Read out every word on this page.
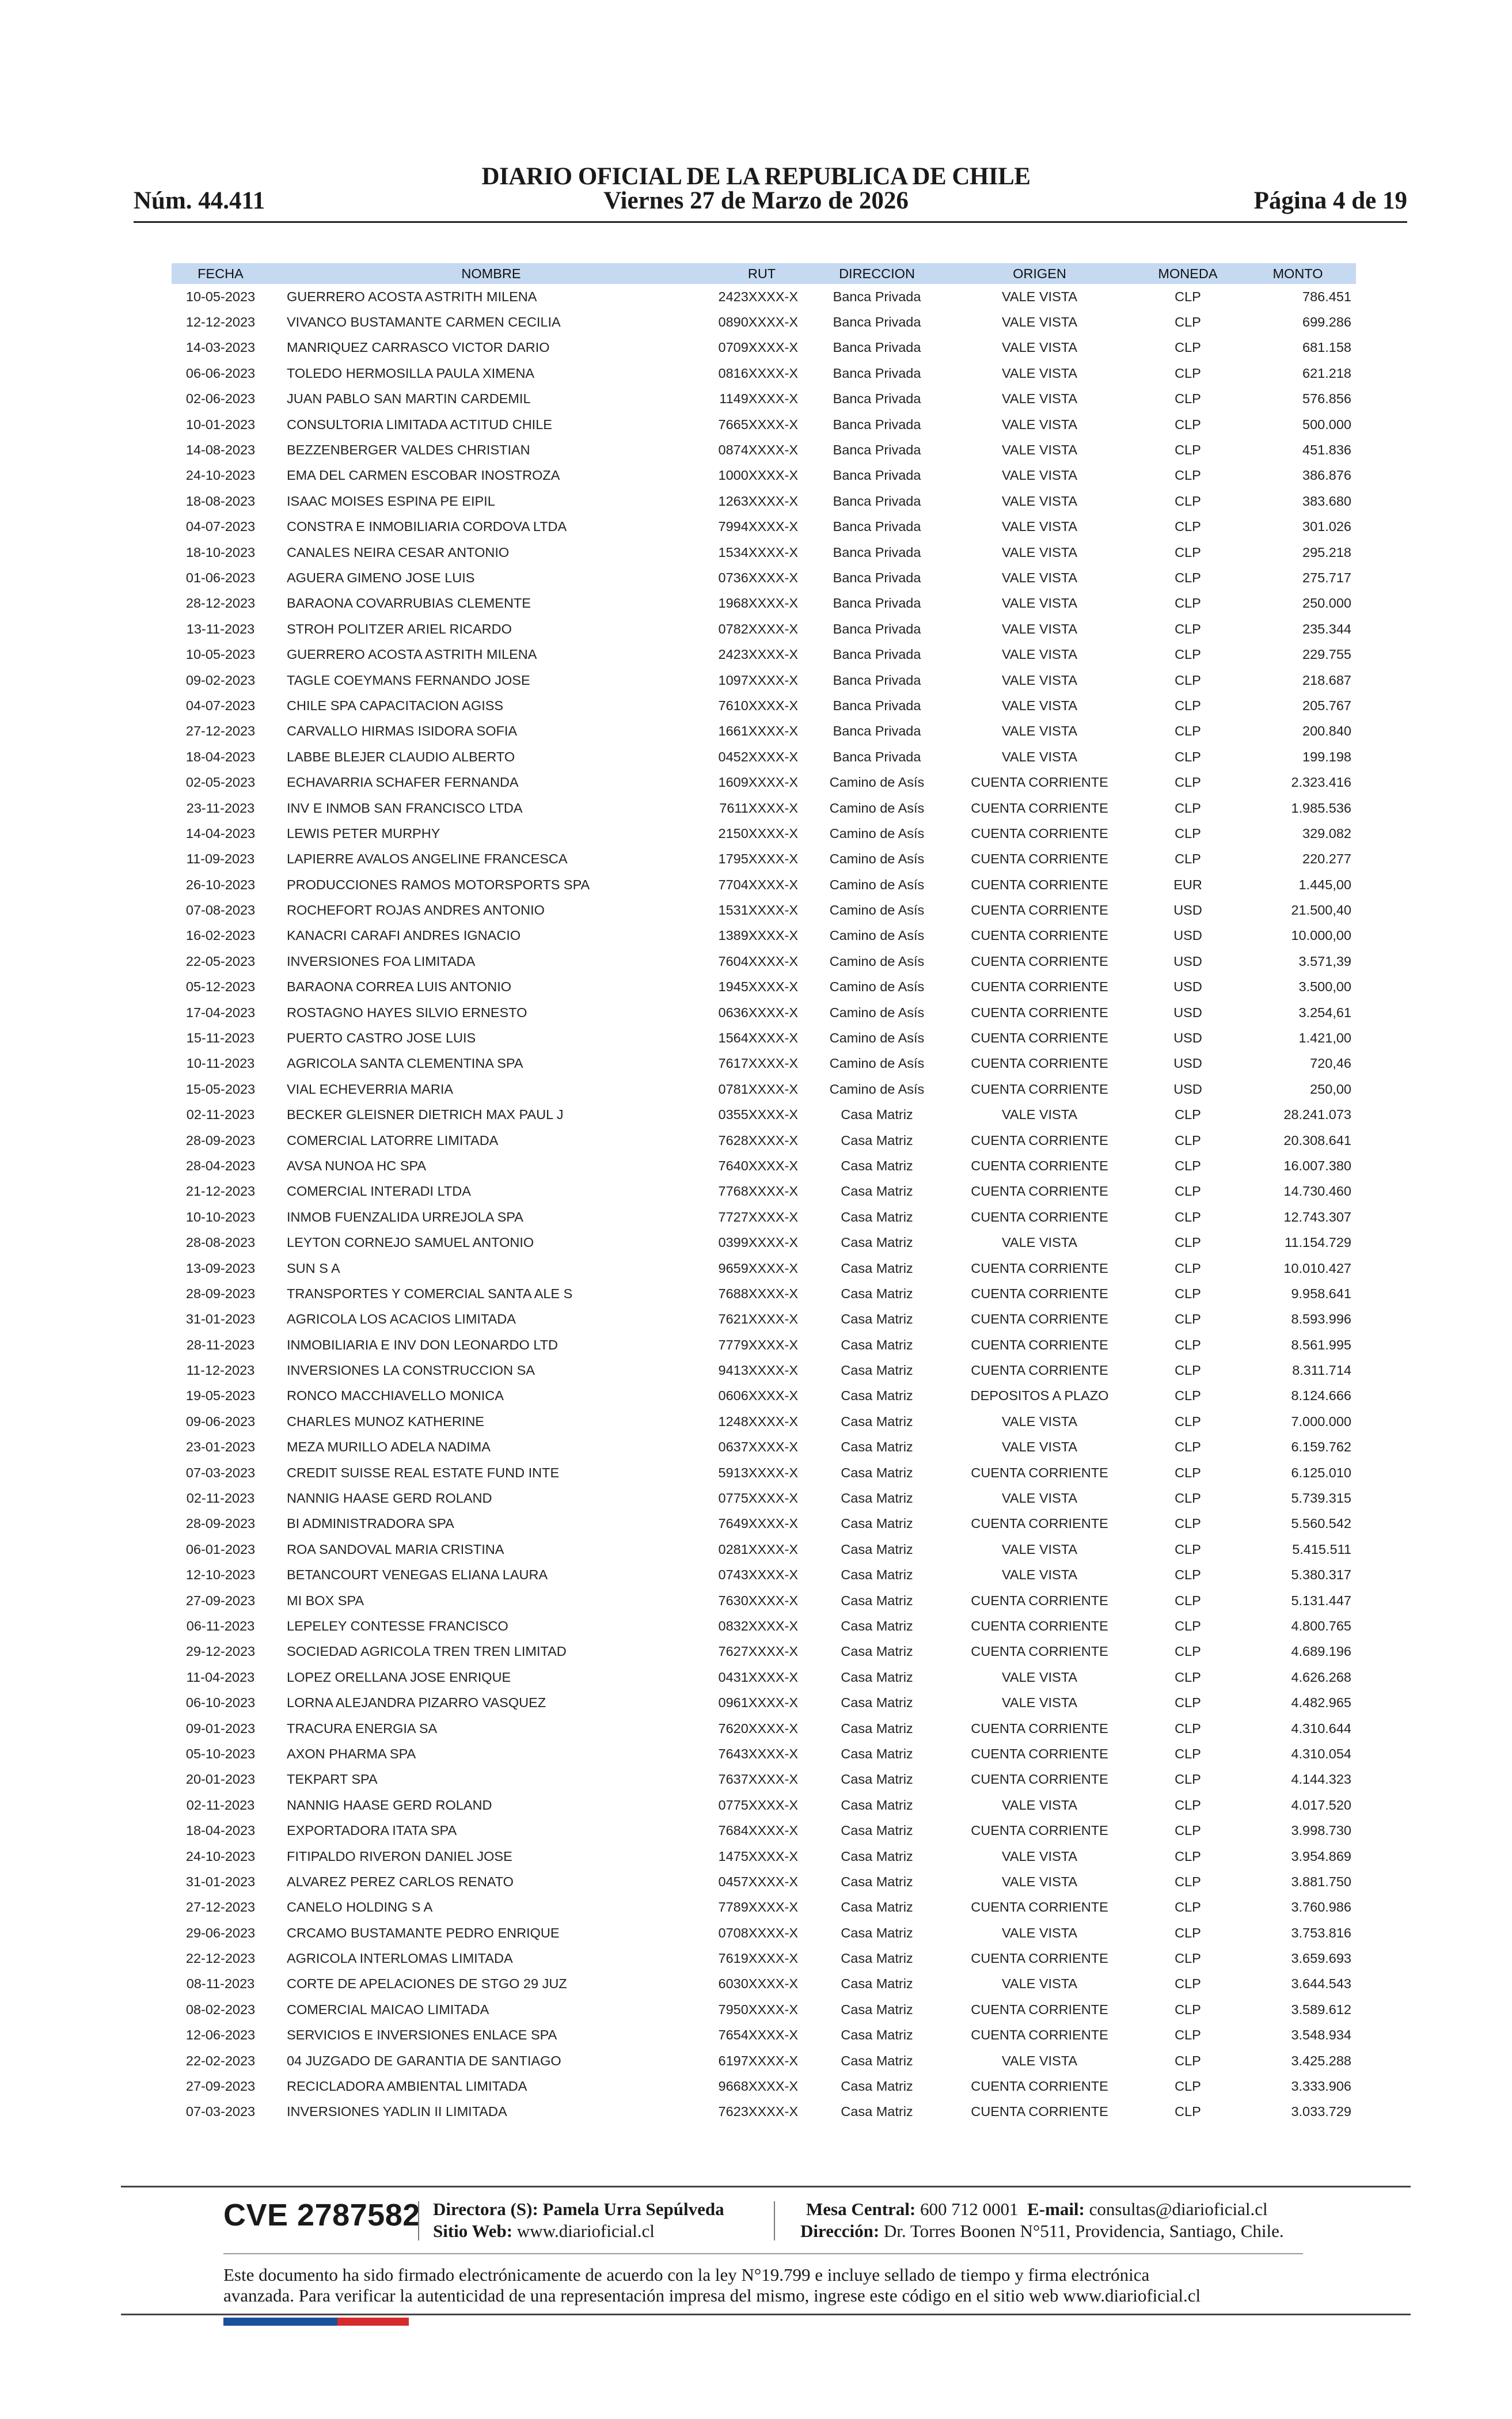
DIARIO OFICIAL DE LA REPUBLICA DE CHILE
Núm. 44.411	Viernes 27 de Marzo de 2026	Página 4 de 19
FECHA	NOMBRE	RUT	DIRECCION	ORIGEN	MONEDA	MONTO
10-05-2023	GUERRERO ACOSTA ASTRITH MILENA	2423XXXX-X	Banca Privada	VALE VISTA	CLP	786.451
12-12-2023	VIVANCO BUSTAMANTE CARMEN CECILIA	0890XXXX-X	Banca Privada	VALE VISTA	CLP	699.286
14-03-2023	MANRIQUEZ CARRASCO VICTOR DARIO	0709XXXX-X	Banca Privada	VALE VISTA	CLP	681.158
06-06-2023	TOLEDO HERMOSILLA PAULA XIMENA	0816XXXX-X	Banca Privada	VALE VISTA	CLP	621.218
02-06-2023	JUAN PABLO SAN MARTIN CARDEMIL	1149XXXX-X	Banca Privada	VALE VISTA	CLP	576.856
10-01-2023	CONSULTORIA LIMITADA ACTITUD CHILE	7665XXXX-X	Banca Privada	VALE VISTA	CLP	500.000
14-08-2023	BEZZENBERGER VALDES CHRISTIAN	0874XXXX-X	Banca Privada	VALE VISTA	CLP	451.836
24-10-2023	EMA DEL CARMEN ESCOBAR INOSTROZA	1000XXXX-X	Banca Privada	VALE VISTA	CLP	386.876
18-08-2023	ISAAC MOISES ESPINA PE EIPIL	1263XXXX-X	Banca Privada	VALE VISTA	CLP	383.680
04-07-2023	CONSTRA E INMOBILIARIA CORDOVA LTDA	7994XXXX-X	Banca Privada	VALE VISTA	CLP	301.026
18-10-2023	CANALES NEIRA CESAR ANTONIO	1534XXXX-X	Banca Privada	VALE VISTA	CLP	295.218
01-06-2023	AGUERA GIMENO JOSE LUIS	0736XXXX-X	Banca Privada	VALE VISTA	CLP	275.717
28-12-2023	BARAONA COVARRUBIAS CLEMENTE	1968XXXX-X	Banca Privada	VALE VISTA	CLP	250.000
13-11-2023	STROH POLITZER ARIEL RICARDO	0782XXXX-X	Banca Privada	VALE VISTA	CLP	235.344
10-05-2023	GUERRERO ACOSTA ASTRITH MILENA	2423XXXX-X	Banca Privada	VALE VISTA	CLP	229.755
09-02-2023	TAGLE COEYMANS FERNANDO JOSE	1097XXXX-X	Banca Privada	VALE VISTA	CLP	218.687
04-07-2023	CHILE SPA CAPACITACION AGISS	7610XXXX-X	Banca Privada	VALE VISTA	CLP	205.767
27-12-2023	CARVALLO HIRMAS ISIDORA SOFIA	1661XXXX-X	Banca Privada	VALE VISTA	CLP	200.840
18-04-2023	LABBE BLEJER CLAUDIO ALBERTO	0452XXXX-X	Banca Privada	VALE VISTA	CLP	199.198
02-05-2023	ECHAVARRIA SCHAFER FERNANDA	1609XXXX-X	Camino de Asís	CUENTA CORRIENTE	CLP	2.323.416
23-11-2023	INV E INMOB SAN FRANCISCO LTDA	7611XXXX-X	Camino de Asís	CUENTA CORRIENTE	CLP	1.985.536
14-04-2023	LEWIS PETER MURPHY	2150XXXX-X	Camino de Asís	CUENTA CORRIENTE	CLP	329.082
11-09-2023	LAPIERRE AVALOS ANGELINE FRANCESCA	1795XXXX-X	Camino de Asís	CUENTA CORRIENTE	CLP	220.277
26-10-2023	PRODUCCIONES RAMOS MOTORSPORTS SPA	7704XXXX-X	Camino de Asís	CUENTA CORRIENTE	EUR	1.445,00
07-08-2023	ROCHEFORT ROJAS ANDRES ANTONIO	1531XXXX-X	Camino de Asís	CUENTA CORRIENTE	USD	21.500,40
16-02-2023	KANACRI CARAFI ANDRES IGNACIO	1389XXXX-X	Camino de Asís	CUENTA CORRIENTE	USD	10.000,00
22-05-2023	INVERSIONES FOA LIMITADA	7604XXXX-X	Camino de Asís	CUENTA CORRIENTE	USD	3.571,39
05-12-2023	BARAONA CORREA LUIS ANTONIO	1945XXXX-X	Camino de Asís	CUENTA CORRIENTE	USD	3.500,00
17-04-2023	ROSTAGNO HAYES SILVIO ERNESTO	0636XXXX-X	Camino de Asís	CUENTA CORRIENTE	USD	3.254,61
15-11-2023	PUERTO CASTRO JOSE LUIS	1564XXXX-X	Camino de Asís	CUENTA CORRIENTE	USD	1.421,00
10-11-2023	AGRICOLA SANTA CLEMENTINA SPA	7617XXXX-X	Camino de Asís	CUENTA CORRIENTE	USD	720,46
15-05-2023	VIAL ECHEVERRIA MARIA	0781XXXX-X	Camino de Asís	CUENTA CORRIENTE	USD	250,00
02-11-2023	BECKER GLEISNER DIETRICH MAX PAUL J	0355XXXX-X	Casa Matriz	VALE VISTA	CLP	28.241.073
28-09-2023	COMERCIAL LATORRE LIMITADA	7628XXXX-X	Casa Matriz	CUENTA CORRIENTE	CLP	20.308.641
28-04-2023	AVSA NUNOA HC SPA	7640XXXX-X	Casa Matriz	CUENTA CORRIENTE	CLP	16.007.380
21-12-2023	COMERCIAL INTERADI LTDA	7768XXXX-X	Casa Matriz	CUENTA CORRIENTE	CLP	14.730.460
10-10-2023	INMOB FUENZALIDA URREJOLA SPA	7727XXXX-X	Casa Matriz	CUENTA CORRIENTE	CLP	12.743.307
28-08-2023	LEYTON CORNEJO SAMUEL ANTONIO	0399XXXX-X	Casa Matriz	VALE VISTA	CLP	11.154.729
13-09-2023	SUN S A	9659XXXX-X	Casa Matriz	CUENTA CORRIENTE	CLP	10.010.427
28-09-2023	TRANSPORTES Y COMERCIAL SANTA ALE S	7688XXXX-X	Casa Matriz	CUENTA CORRIENTE	CLP	9.958.641
31-01-2023	AGRICOLA LOS ACACIOS LIMITADA	7621XXXX-X	Casa Matriz	CUENTA CORRIENTE	CLP	8.593.996
28-11-2023	INMOBILIARIA E INV DON LEONARDO LTD	7779XXXX-X	Casa Matriz	CUENTA CORRIENTE	CLP	8.561.995
11-12-2023	INVERSIONES LA CONSTRUCCION SA	9413XXXX-X	Casa Matriz	CUENTA CORRIENTE	CLP	8.311.714
19-05-2023	RONCO MACCHIAVELLO MONICA	0606XXXX-X	Casa Matriz	DEPOSITOS A PLAZO	CLP	8.124.666
09-06-2023	CHARLES MUNOZ KATHERINE	1248XXXX-X	Casa Matriz	VALE VISTA	CLP	7.000.000
23-01-2023	MEZA MURILLO ADELA NADIMA	0637XXXX-X	Casa Matriz	VALE VISTA	CLP	6.159.762
07-03-2023	CREDIT SUISSE REAL ESTATE FUND INTE	5913XXXX-X	Casa Matriz	CUENTA CORRIENTE	CLP	6.125.010
02-11-2023	NANNIG HAASE GERD ROLAND	0775XXXX-X	Casa Matriz	VALE VISTA	CLP	5.739.315
28-09-2023	BI ADMINISTRADORA SPA	7649XXXX-X	Casa Matriz	CUENTA CORRIENTE	CLP	5.560.542
06-01-2023	ROA SANDOVAL MARIA CRISTINA	0281XXXX-X	Casa Matriz	VALE VISTA	CLP	5.415.511
12-10-2023	BETANCOURT VENEGAS ELIANA LAURA	0743XXXX-X	Casa Matriz	VALE VISTA	CLP	5.380.317
27-09-2023	MI BOX SPA	7630XXXX-X	Casa Matriz	CUENTA CORRIENTE	CLP	5.131.447
06-11-2023	LEPELEY CONTESSE FRANCISCO	0832XXXX-X	Casa Matriz	CUENTA CORRIENTE	CLP	4.800.765
29-12-2023	SOCIEDAD AGRICOLA TREN TREN LIMITAD	7627XXXX-X	Casa Matriz	CUENTA CORRIENTE	CLP	4.689.196
11-04-2023	LOPEZ ORELLANA JOSE ENRIQUE	0431XXXX-X	Casa Matriz	VALE VISTA	CLP	4.626.268
06-10-2023	LORNA ALEJANDRA PIZARRO VASQUEZ	0961XXXX-X	Casa Matriz	VALE VISTA	CLP	4.482.965
09-01-2023	TRACURA ENERGIA SA	7620XXXX-X	Casa Matriz	CUENTA CORRIENTE	CLP	4.310.644
05-10-2023	AXON PHARMA SPA	7643XXXX-X	Casa Matriz	CUENTA CORRIENTE	CLP	4.310.054
20-01-2023	TEKPART SPA	7637XXXX-X	Casa Matriz	CUENTA CORRIENTE	CLP	4.144.323
02-11-2023	NANNIG HAASE GERD ROLAND	0775XXXX-X	Casa Matriz	VALE VISTA	CLP	4.017.520
18-04-2023	EXPORTADORA ITATA SPA	7684XXXX-X	Casa Matriz	CUENTA CORRIENTE	CLP	3.998.730
24-10-2023	FITIPALDO RIVERON DANIEL JOSE	1475XXXX-X	Casa Matriz	VALE VISTA	CLP	3.954.869
31-01-2023	ALVAREZ PEREZ CARLOS RENATO	0457XXXX-X	Casa Matriz	VALE VISTA	CLP	3.881.750
27-12-2023	CANELO HOLDING S A	7789XXXX-X	Casa Matriz	CUENTA CORRIENTE	CLP	3.760.986
29-06-2023	CRCAMO BUSTAMANTE PEDRO ENRIQUE	0708XXXX-X	Casa Matriz	VALE VISTA	CLP	3.753.816
22-12-2023	AGRICOLA INTERLOMAS LIMITADA	7619XXXX-X	Casa Matriz	CUENTA CORRIENTE	CLP	3.659.693
08-11-2023	CORTE DE APELACIONES DE STGO 29 JUZ	6030XXXX-X	Casa Matriz	VALE VISTA	CLP	3.644.543
08-02-2023	COMERCIAL MAICAO LIMITADA	7950XXXX-X	Casa Matriz	CUENTA CORRIENTE	CLP	3.589.612
12-06-2023	SERVICIOS E INVERSIONES ENLACE SPA	7654XXXX-X	Casa Matriz	CUENTA CORRIENTE	CLP	3.548.934
22-02-2023	04 JUZGADO DE GARANTIA DE SANTIAGO	6197XXXX-X	Casa Matriz	VALE VISTA	CLP	3.425.288
27-09-2023	RECICLADORA AMBIENTAL LIMITADA	9668XXXX-X	Casa Matriz	CUENTA CORRIENTE	CLP	3.333.906
07-03-2023	INVERSIONES YADLIN II LIMITADA	7623XXXX-X	Casa Matriz	CUENTA CORRIENTE	CLP	3.033.729
CVE 2787582 Directora (S): Pamela Urra Sepúlveda
Sitio Web: www.diarioficial.cl
Mesa Central: 600 712 0001 E-mail: consultas@diarioficial.cl
Dirección: Dr. Torres Boonen N°511, Providencia, Santiago, Chile.
Este documento ha sido firmado electrónicamente de acuerdo con la ley N°19.799 e incluye sellado de tiempo y firma electrónica
avanzada. Para verificar la autenticidad de una representación impresa del mismo, ingrese este código en el sitio web www.diarioficial.cl
